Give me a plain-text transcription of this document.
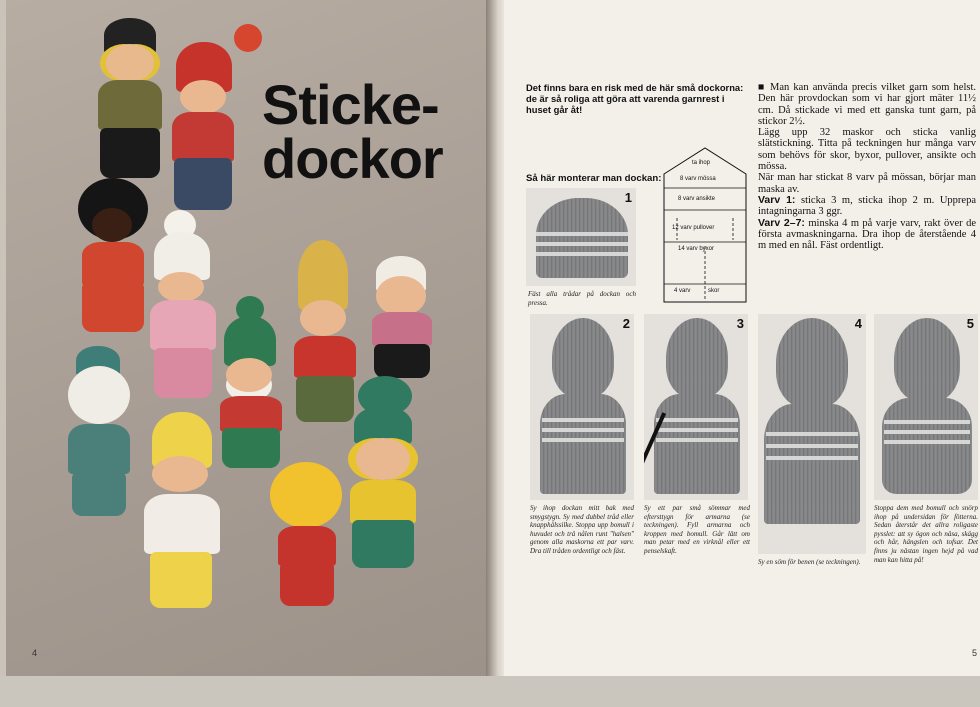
Sticke-
dockor
4
Det finns bara en risk med de här små dockorna: de är så roliga att göra att varenda garnrest i huset går åt!
Så här monterar man dockan:

■ Man kan använda precis vilket garn som helst. Den här provdockan som vi har gjort mäter 11½ cm. Då stickade vi med ett ganska tunt garn, på stickor 2½.

Lägg upp 32 maskor och sticka vanlig slätstickning. Titta på teckningen hur många varv som behövs för skor, byxor, pullover, ansikte och mössa.

När man har stickat 8 varv på mössan, börjar man maska av.

Varv 1: sticka 3 m, sticka ihop 2 m. Upprepa intagningarna 3 ggr.

Varv 2–7: minska 4 m på varje varv, rakt över de första avmaskningarna. Dra ihop de återstående 4 m med en nål. Fäst ordentligt.

ta ihop
8 varv mössa
8 varv ansikte
12 varv pullover
14 varv byxor
4 varv	skor
1
Fäst alla trådar på dockan och pressa.
2
Sy ihop dockan mitt bak med smygstygn. Sy med dubbel tråd eller knapphålssilke. Stoppa upp bomull i huvudet och trä nålen runt "halsen" genom alla maskorna ett par varv. Dra till tråden ordentligt och fäst.
3
Sy ett par små sömmar med eftersttygn för armarna (se teckningen). Fyll armarna och kroppen med bomull. Går lätt om man petar med en virknål eller ett penselskaft.
4
Sy en söm för benen (se teckningen).
5
Stoppa dem med bomull och snörp ihop på undersidan för fötterna. Sedan återstår det allra roligaste pysslet: att sy ögon och näsa, skägg och hår, hängslen och tofsar. Det finns ju nästan ingen hejd på vad man kan hitta på!
5
